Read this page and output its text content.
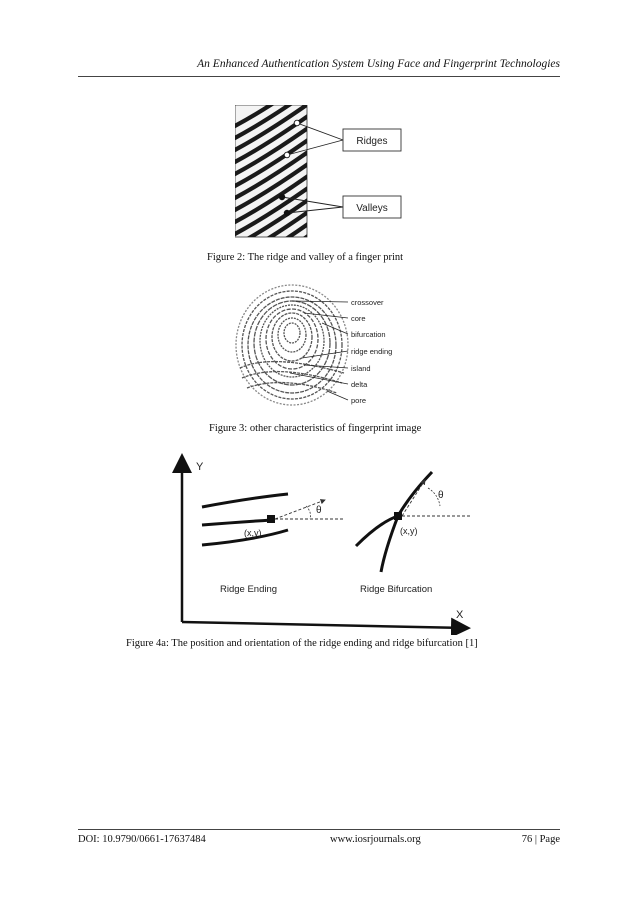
An Enhanced Authentication System Using Face and Fingerprint Technologies
Ridges
Valleys
Figure 2: The ridge and valley of a finger print
crossover
core
bifurcation
ridge ending
island
delta
pore
Figure 3: other characteristics of fingerprint image
Y
X
θ
(x,y)
Ridge Ending
θ
(x,y)
Ridge Bifurcation
Figure 4a: The position and orientation of the ridge ending and ridge bifurcation [1]
DOI: 10.9790/0661-17637484	www.iosrjournals.org	76 | Page
